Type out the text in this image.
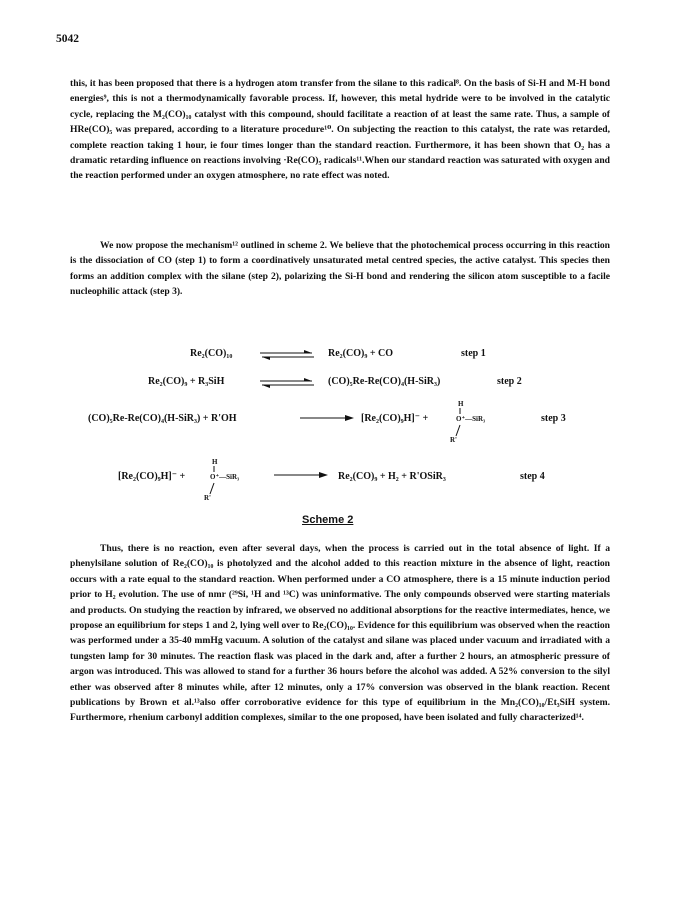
5042

this, it has been proposed that there is a hydrogen atom transfer from the silane to this radical⁸. On the basis of Si-H and M-H bond energies⁹, this is not a thermodynamically favorable process. If, however, this metal hydride were to be involved in the catalytic cycle, replacing the M₂(CO)₁₀ catalyst with this compound, should facilitate a reaction of at least the same rate. Thus, a sample of HRe(CO)₅ was prepared, according to a literature procedure¹⁰. On subjecting the reaction to this catalyst, the rate was retarded, complete reaction taking 1 hour, ie four times longer than the standard reaction. Furthermore, it has been shown that O₂ has a dramatic retarding influence on reactions involving ·Re(CO)₅ radicals¹¹.When our standard reaction was saturated with oxygen and the reaction performed under an oxygen atmosphere, no rate effect was noted.

We now propose the mechanism¹² outlined in scheme 2. We believe that the photochemical process occurring in this reaction is the dissociation of CO (step 1) to form a coordinatively unsaturated metal centred species, the active catalyst. This species then forms an addition complex with the silane (step 2), polarizing the Si-H bond and rendering the silicon atom susceptible to a facile nucleophilic attack (step 3).

Re₂(CO)₁₀	Re₂(CO)₉ + CO	step 1
Re₂(CO)₉ + R₃SiH	(CO)₅Re-Re(CO)₄(H-SiR₃)	step 2
(CO)₅Re-Re(CO)₄(H-SiR₃) + R'OH	[Re₂(CO)₉H]⁻ +
H
O⁺—SiR₃
R'
step 3
[Re₂(CO)₉H]⁻ +
H
O⁺—SiR₃
R'
Re₂(CO)₉ + H₂ + R'OSiR₃	step 4
Scheme 2

Thus, there is no reaction, even after several days, when the process is carried out in the total absence of light. If a phenylsilane solution of Re₂(CO)₁₀ is photolyzed and the alcohol added to this reaction mixture in the absence of light, reaction occurs with a rate equal to the standard reaction. When performed under a CO atmosphere, there is a 15 minute induction period prior to H₂ evolution. The use of nmr (²⁹Si, ¹H and ¹³C) was uninformative. The only compounds observed were starting materials and products. On studying the reaction by infrared, we observed no additional absorptions for the reactive intermediates, hence, we propose an equilibrium for steps 1 and 2, lying well over to Re₂(CO)₁₀. Evidence for this equilibrium was observed when the reaction was performed under a 35-40 mmHg vacuum. A solution of the catalyst and silane was placed under vacuum and irradiated with a tungsten lamp for 30 minutes. The reaction flask was placed in the dark and, after a further 2 hours, an atmospheric pressure of argon was introduced. This was allowed to stand for a further 36 hours before the alcohol was added. A 52% conversion to the silyl ether was observed after 8 minutes while, after 12 minutes, only a 17% conversion was observed in the blank reaction. Recent publications by Brown et al.¹³also offer corroborative evidence for this type of equilibrium in the Mn₂(CO)₁₀/Et₃SiH system. Furthermore, rhenium carbonyl addition complexes, similar to the one proposed, have been isolated and fully characterized¹⁴.
